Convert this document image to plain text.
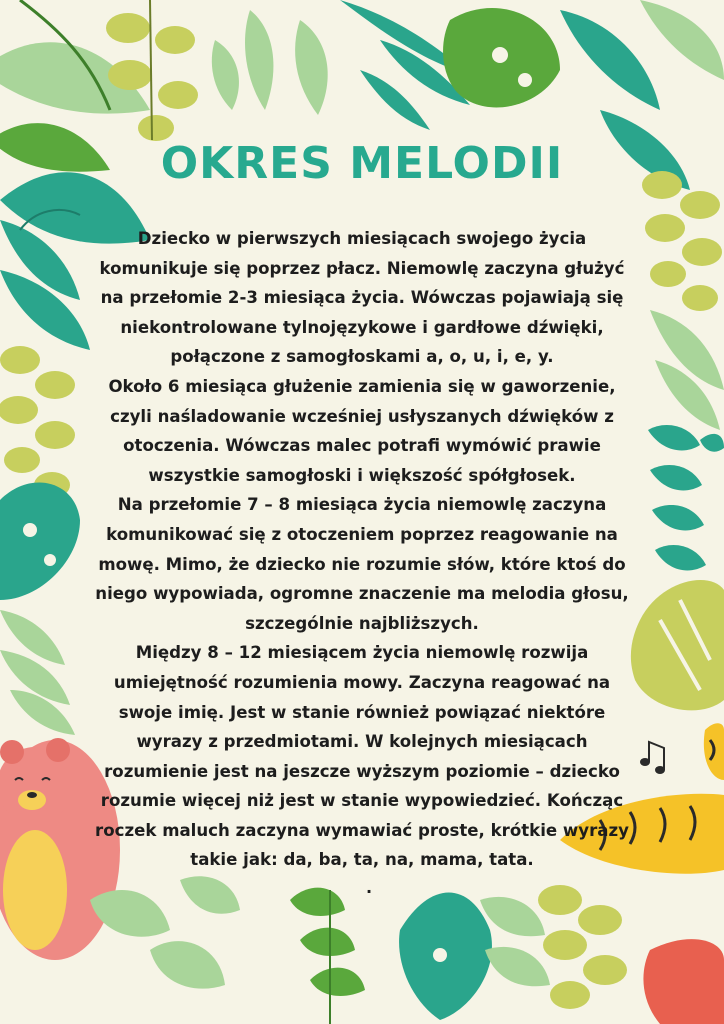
OKRES MELODII

Dziecko w pierwszych miesiącach swojego życia komunikuje się poprzez płacz. Niemowlę zaczyna głużyć na przełomie 2-3 miesiąca życia. Wówczas pojawiają się niekontrolowane tylnojęzykowe i gardłowe dźwięki, połączone z samogłoskami a, o, u, i, e, y.

Około 6 miesiąca głużenie zamienia się w gaworzenie, czyli naśladowanie wcześniej usłyszanych dźwięków z otoczenia. Wówczas malec potrafi wymówić prawie wszystkie samogłoski i większość spółgłosek.

Na przełomie 7 – 8 miesiąca życia niemowlę zaczyna komunikować się z otoczeniem poprzez reagowanie na mowę. Mimo, że dziecko nie rozumie słów, które ktoś do niego wypowiada, ogromne znaczenie ma melodia głosu, szczególnie najbliższych.

Między 8 – 12 miesiącem życia niemowlę rozwija umiejętność rozumienia mowy. Zaczyna reagować na swoje imię. Jest w stanie również powiązać niektóre wyrazy z przedmiotami. W kolejnych miesiącach rozumienie jest na jeszcze wyższym poziomie – dziecko rozumie więcej niż jest w stanie wypowiedzieć. Kończąc roczek maluch zaczyna wymawiać proste, krótkie wyrazy takie jak: da, ba, ta, na, mama, tata.

.
